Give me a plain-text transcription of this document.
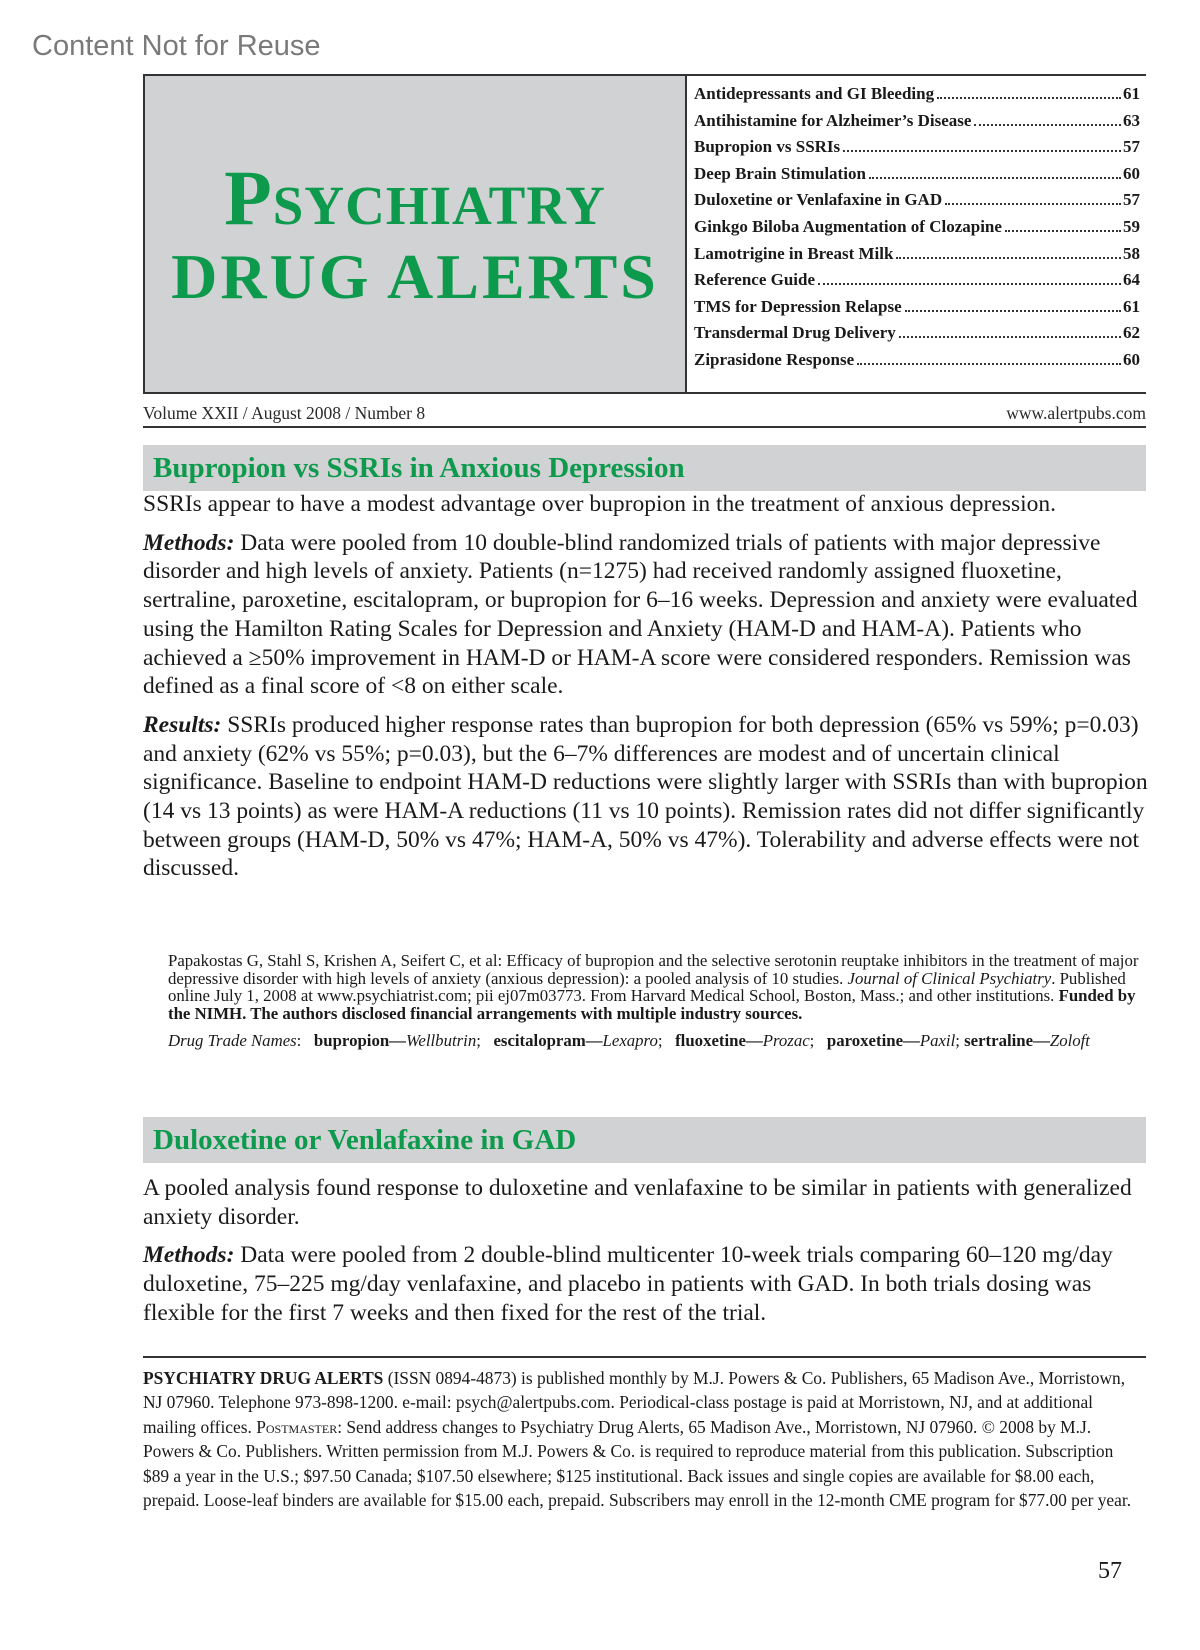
Content Not for Reuse
Psychiatry
DRUG ALERTS
Antidepressants and GI Bleeding	61
Antihistamine for Alzheimer’s Disease	63
Bupropion vs SSRIs	57
Deep Brain Stimulation	60
Duloxetine or Venlafaxine in GAD	57
Ginkgo Biloba Augmentation of Clozapine	59
Lamotrigine in Breast Milk	58
Reference Guide	64
TMS for Depression Relapse	61
Transdermal Drug Delivery	62
Ziprasidone Response	60
Volume XXII / August 2008 / Number 8	www.alertpubs.com
Bupropion vs SSRIs in Anxious Depression

SSRIs appear to have a modest advantage over bupropion in the treatment of anxious depression.

Methods: Data were pooled from 10 double-blind randomized trials of patients with major depressive disorder and high levels of anxiety. Patients (n=1275) had received randomly assigned fluoxetine, sertraline, paroxetine, escitalopram, or bupropion for 6–16 weeks. Depression and anxiety were evaluated using the Hamilton Rating Scales for Depression and Anxiety (HAM-D and HAM-A). Patients who achieved a ≥50% improvement in HAM-D or HAM-A score were considered responders. Remission was defined as a final score of <8 on either scale.

Results: SSRIs produced higher response rates than bupropion for both depression (65% vs 59%; p=0.03) and anxiety (62% vs 55%; p=0.03), but the 6–7% differences are modest and of uncertain clinical significance. Baseline to endpoint HAM-D reductions were slightly larger with SSRIs than with bupropion (14 vs 13 points) as were HAM-A reductions (11 vs 10 points). Remission rates did not differ significantly between groups (HAM-D, 50% vs 47%; HAM-A, 50% vs 47%). Tolerability and adverse effects were not discussed.

Papakostas G, Stahl S, Krishen A, Seifert C, et al: Efficacy of bupropion and the selective serotonin reuptake inhibitors in the treatment of major depressive disorder with high levels of anxiety (anxious depression): a pooled analysis of 10 studies. Journal of Clinical Psychiatry. Published online July 1, 2008 at www.psychiatrist.com; pii ej07m03773. From Harvard Medical School, Boston, Mass.; and other institutions. Funded by the NIMH. The authors disclosed financial arrangements with multiple industry sources.

Drug Trade Names:   bupropion—Wellbutrin;   escitalopram—Lexapro;   fluoxetine—Prozac;   paroxetine—Paxil; sertraline—Zoloft

Duloxetine or Venlafaxine in GAD

A pooled analysis found response to duloxetine and venlafaxine to be similar in patients with generalized anxiety disorder.

Methods: Data were pooled from 2 double-blind multicenter 10-week trials comparing 60–120 mg/day duloxetine, 75–225 mg/day venlafaxine, and placebo in patients with GAD. In both trials dosing was flexible for the first 7 weeks and then fixed for the rest of the trial.

PSYCHIATRY DRUG ALERTS (ISSN 0894-4873) is published monthly by M.J. Powers & Co. Publishers, 65 Madison Ave., Morristown, NJ 07960. Telephone 973-898-1200. e-mail: psych@alertpubs.com. Periodical-class postage is paid at Morristown, NJ, and at additional mailing offices. Postmaster: Send address changes to Psychiatry Drug Alerts, 65 Madison Ave., Morristown, NJ 07960. © 2008 by M.J. Powers & Co. Publishers. Written permission from M.J. Powers & Co. is required to reproduce material from this publication. Subscription $89 a year in the U.S.; $97.50 Canada; $107.50 elsewhere; $125 institutional. Back issues and single copies are available for $8.00 each, prepaid. Loose-leaf binders are available for $15.00 each, prepaid. Subscribers may enroll in the 12-month CME program for $77.00 per year.
57
